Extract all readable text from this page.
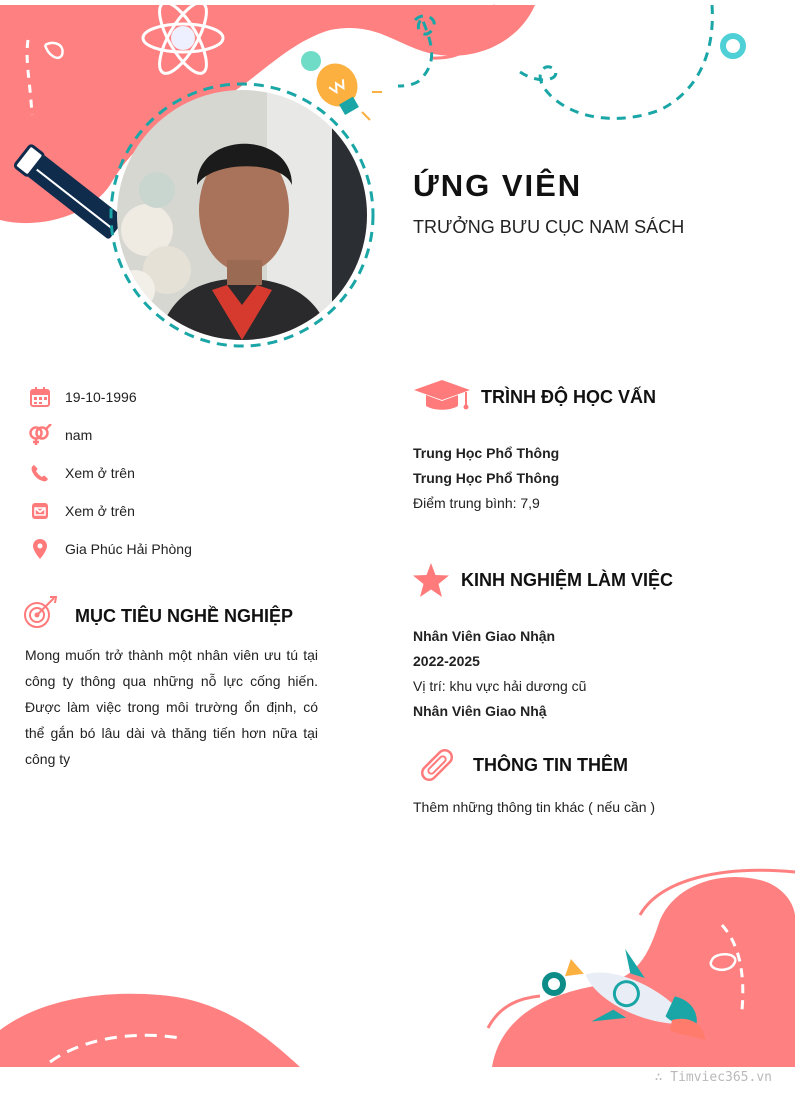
ỨNG VIÊN
TRƯỞNG BƯU CỤC NAM SÁCH
19-10-1996
nam
Xem ở trên
Xem ở trên
Gia Phúc Hải Phòng
MỤC TIÊU NGHỀ NGHIỆP
Mong muốn trở thành một nhân viên ưu tú tại công ty thông qua những nỗ lực cống hiến. Được làm việc trong môi trường ổn định, có thể gắn bó lâu dài và thăng tiến hơn nữa tại công ty
TRÌNH ĐỘ HỌC VẤN
Trung Học Phổ Thông
Trung Học Phổ Thông
Điểm trung bình: 7,9
KINH NGHIỆM LÀM VIỆC
Nhân Viên Giao Nhận
2022-2025
Vị trí: khu vực hải dương cũ
Nhân Viên Giao Nhậ
THÔNG TIN THÊM
Thêm những thông tin khác ( nếu cần )
∴ Timviec365.vn
